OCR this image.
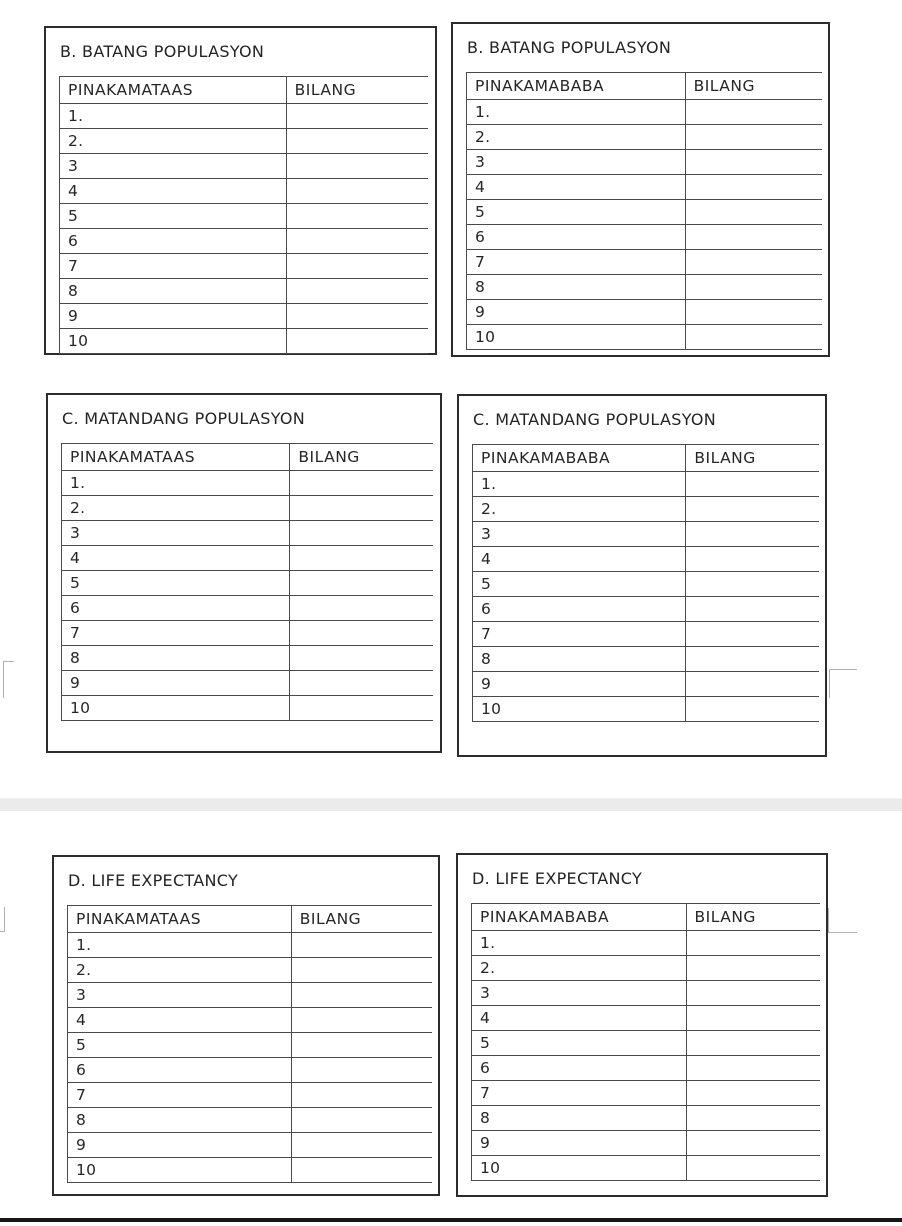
B. BATANG POPULASYON
PINAKAMATAAS	BILANG
1.	
2.	
3	
4	
5	
6	
7	
8	
9	
10	
B. BATANG POPULASYON
PINAKAMABABA	BILANG
1.	
2.	
3	
4	
5	
6	
7	
8	
9	
10	
C. MATANDANG POPULASYON
PINAKAMATAAS	BILANG
1.	
2.	
3	
4	
5	
6	
7	
8	
9	
10	
C. MATANDANG POPULASYON
PINAKAMABABA	BILANG
1.	
2.	
3	
4	
5	
6	
7	
8	
9	
10	
D. LIFE EXPECTANCY
PINAKAMATAAS	BILANG
1.	
2.	
3	
4	
5	
6	
7	
8	
9	
10	
D. LIFE EXPECTANCY
PINAKAMABABA	BILANG
1.	
2.	
3	
4	
5	
6	
7	
8	
9	
10	
